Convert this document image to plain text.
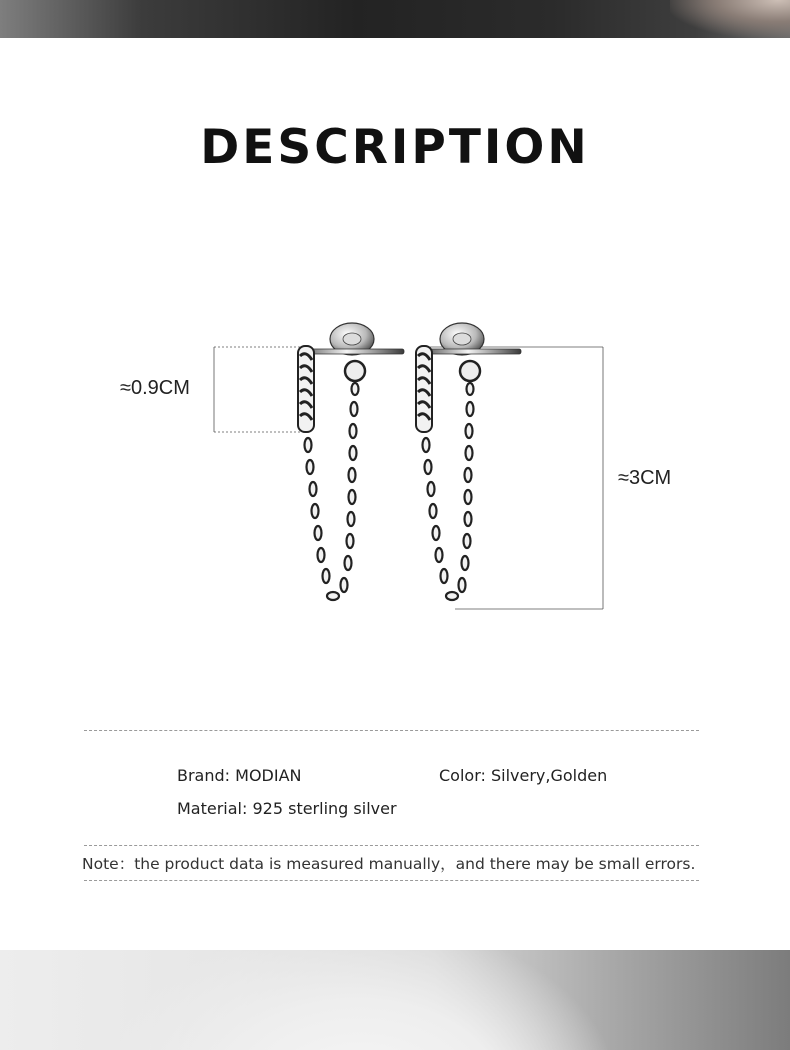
DESCRIPTION
≈0.9CM
≈3CM
Brand: MODIAN	Color: Silvery,Golden
Material: 925 sterling silver
Note：the product data is measured manually，and there may be small errors.
